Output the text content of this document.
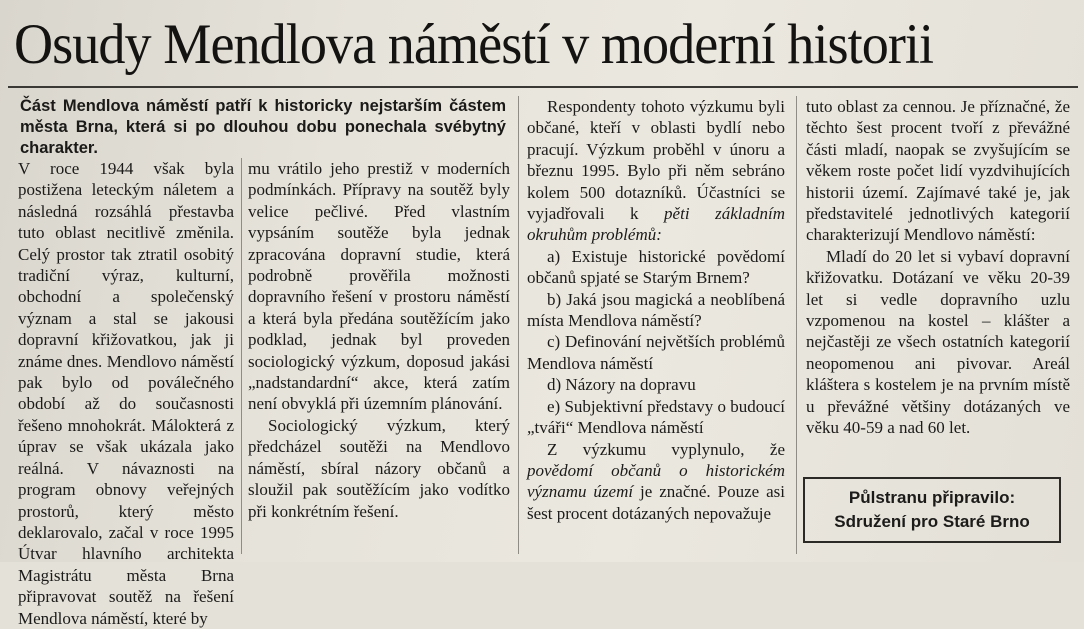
Osudy Mendlova náměstí v moderní historii
Část Mendlova náměstí patří k historicky nejstarším částem města Brna, která si po dlouhou dobu ponechala svébytný charakter.

V roce 1944 však byla postižena leteckým náletem a následná rozsáhlá přestavba tuto oblast necitlivě změnila. Celý prostor tak ztratil osobitý tradiční výraz, kulturní, obchodní a společenský význam a stal se jakousi dopravní křižovatkou, jak ji známe dnes. Mendlovo náměstí pak bylo od poválečného období až do současnosti řešeno mnohokrát. Málokterá z úprav se však ukázala jako reálná. V návaznosti na program obnovy veřejných prostorů, který město deklarovalo, začal v roce 1995 Útvar hlavního architekta Magistrátu města Brna připravovat soutěž na řešení Mendlova náměstí, které by

mu vrátilo jeho prestiž v moderních podmínkách. Přípravy na soutěž byly velice pečlivé. Před vlastním vypsáním soutěže byla jednak zpracována dopravní studie, která podrobně prověřila možnosti dopravního řešení v prostoru náměstí a která byla předána soutěžícím jako podklad, jednak byl proveden sociologický výzkum, doposud jakási „nadstandardní“ akce, která zatím není obvyklá při územním plánování.

Sociologický výzkum, který předcházel soutěži na Mendlovo náměstí, sbíral názory občanů a sloužil pak soutěžícím jako vodítko při konkrétním řešení.

Respondenty tohoto výzkumu byli občané, kteří v oblasti bydlí nebo pracují. Výzkum proběhl v únoru a březnu 1995. Bylo při něm sebráno kolem 500 dotazníků. Účastníci se vyjadřovali k pěti základním okruhům problémů:

a) Existuje historické povědomí občanů spjaté se Starým Brnem?

b) Jaká jsou magická a neoblíbená místa Mendlova náměstí?

c) Definování největších problémů Mendlova náměstí

d) Názory na dopravu

e) Subjektivní představy o budoucí „tváři“ Mendlova náměstí

Z výzkumu vyplynulo, že povědomí občanů o historickém významu území je značné. Pouze asi šest procent dotázaných nepovažuje

tuto oblast za cennou. Je příznačné, že těchto šest procent tvoří z převážné části mladí, naopak se zvyšujícím se věkem roste počet lidí vyzdvihujících historii území. Zajímavé také je, jak představitelé jednotlivých kategorií charakterizují Mendlovo náměstí:

Mladí do 20 let si vybaví dopravní křižovatku. Dotázaní ve věku 20-39 let si vedle dopravního uzlu vzpomenou na kostel – klášter a nejčastěji ze všech ostatních kategorií neopomenou ani pivovar. Areál kláštera s kostelem je na prvním místě u převážné většiny dotázaných ve věku 40-59 a nad 60 let.

Půlstranu připravilo:
Sdružení pro Staré Brno
